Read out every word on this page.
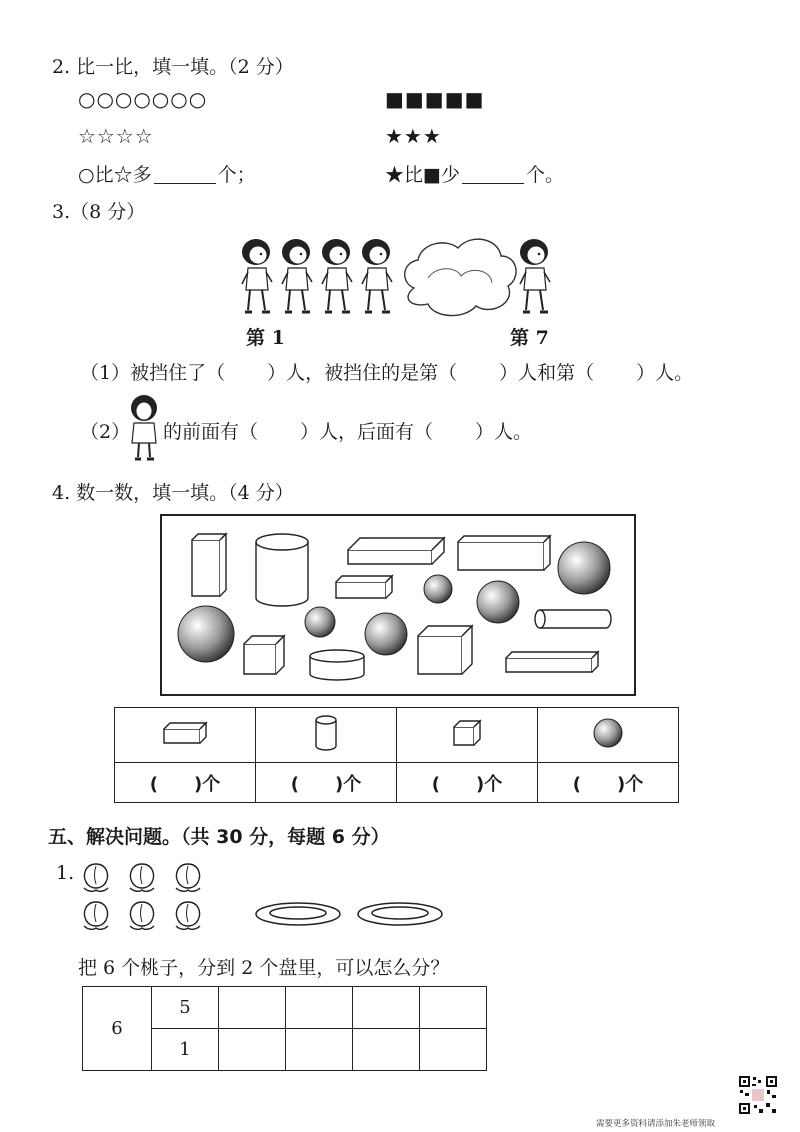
2. 比一比，填一填。（2 分）
○○○○○○○	■■■■■
☆☆☆☆	★★★
○比☆多	个；	★比■少	个。
3.（8 分）
第 1	第 7
（1）被挡住了（ ）人，被挡住的是第（ ）人和第（ ）人。
（2） 的前面有（ ）人，后面有（ ）人。
4. 数一数，填一填。（4 分）

(　　)个	(　　)个	(　　)个	(　　)个
五、解决问题。（共 30 分，每题 6 分）
1.
把 6 个桃子，分到 2 个盘里，可以怎么分？
6	5				
	1				
需要更多资料请添加朱老师领取
